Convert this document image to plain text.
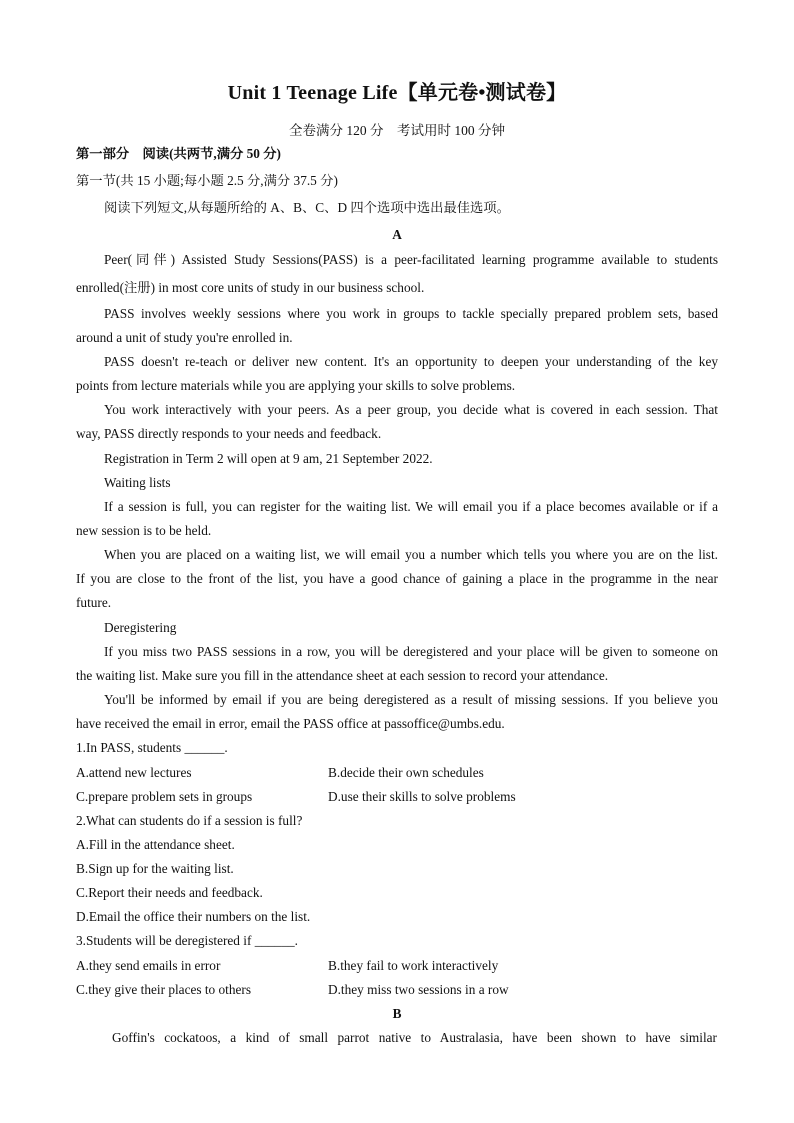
Unit 1 Teenage Life【单元卷•测试卷】
全卷满分 120 分　考试用时 100 分钟
第一部分　阅读(共两节,满分 50 分)
第一节(共 15 小题;每小题 2.5 分,满分 37.5 分)
阅读下列短文,从每题所给的 A、B、C、D 四个选项中选出最佳选项。
A
Peer(同伴) Assisted Study Sessions(PASS) is a peer-facilitated learning programme available to students
enrolled(注册) in most core units of study in our business school.
PASS involves weekly sessions where you work in groups to tackle specially prepared problem sets, based
around a unit of study you're enrolled in.
PASS doesn't re-teach or deliver new content. It's an opportunity to deepen your understanding of the key
points from lecture materials while you are applying your skills to solve problems.
You work interactively with your peers. As a peer group, you decide what is covered in each session. That
way, PASS directly responds to your needs and feedback.
Registration in Term 2 will open at 9 am, 21 September 2022.
Waiting lists
If a session is full, you can register for the waiting list. We will email you if a place becomes available or if a
new session is to be held.
When you are placed on a waiting list, we will email you a number which tells you where you are on the list.
If you are close to the front of the list, you have a good chance of gaining a place in the programme in the near
future.
Deregistering
If you miss two PASS sessions in a row, you will be deregistered and your place will be given to someone on
the waiting list. Make sure you fill in the attendance sheet at each session to record your attendance.
You'll be informed by email if you are being deregistered as a result of missing sessions. If you believe you
have received the email in error, email the PASS office at passoffice@umbs.edu.
1.In PASS, students ______.
A.attend new lectures	B.decide their own schedules
C.prepare problem sets in groups	D.use their skills to solve problems
2.What can students do if a session is full?
A.Fill in the attendance sheet.
B.Sign up for the waiting list.
C.Report their needs and feedback.
D.Email the office their numbers on the list.
3.Students will be deregistered if ______.
A.they send emails in error	B.they fail to work interactively
C.they give their places to others	D.they miss two sessions in a row
B
Goffin's cockatoos, a kind of small parrot native to Australasia, have been shown to have similar
